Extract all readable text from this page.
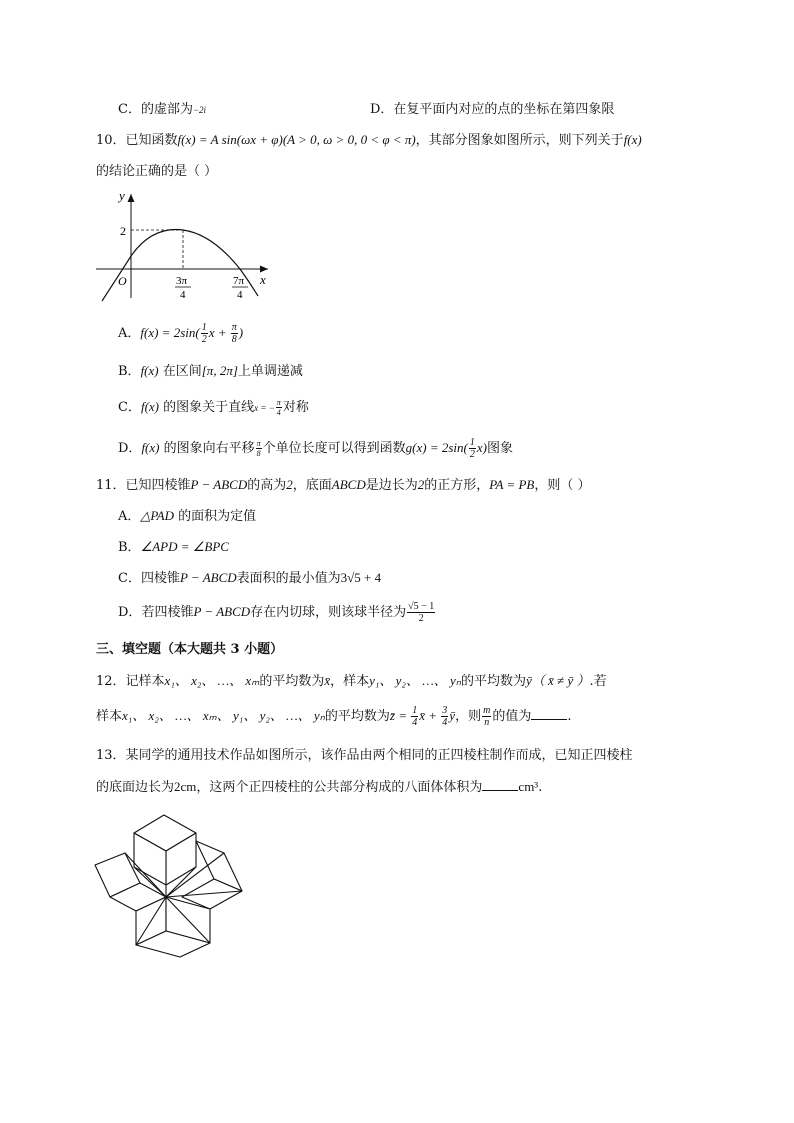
C．的虚部为−2i	D．在复平面内对应的点的坐标在第四象限
10．已知函数f(x) = A sin(ωx + φ)(A > 0, ω > 0, 0 < φ < π)，其部分图象如图所示，则下列关于f(x)
的结论正确的是（ ）
y
x
O
2
3π
4
7π
4
A．$f(x) = 2\sin( \frac{1}{2}$ $x + \frac{\pi}{8}$ )
B．f(x) 在区间[π, 2π]上单调递减
C．f(x) 的图象关于直线x = − $\frac{\pi}{4}$ 对称
D．f(x) 的图象向右平移 $\frac{\pi}{8}$ 个单位长度可以得到函数$g(x) = 2\sin( \frac{1}{2} x)$图象
11．已知四棱锥P − ABCD的高为2，底面ABCD是边长为2的正方形，PA = PB，则（ ）
A．△PAD 的面积为定值
B．∠APD = ∠BPC
C．四棱锥P − ABCD表面积的最小值为3√5 + 4
D．若四棱锥P − ABCD存在内切球，则该球半径为 $\frac{√5 - 1}{2}$
三、填空题（本大题共 3 小题）
12．记样本x₁、 x₂、 …、 xₘ的平均数为x̄，样本y₁、 y₂、 …、 yₙ的平均数为ȳ（ x̄ ≠ ȳ ）.若
样本x₁、 x₂、 …、 xₘ、 y₁、 y₂、 …、 yₙ的平均数为z̄ = $\frac{1}{4}$ x̄ + $\frac{3}{4}$ ȳ，则 $\frac{m}{n}$ 的值为	.
13．某同学的通用技术作品如图所示，该作品由两个相同的正四棱柱制作而成，已知正四棱柱
的底面边长为2cm，这两个正四棱柱的公共部分构成的八面体体积为	cm³.
